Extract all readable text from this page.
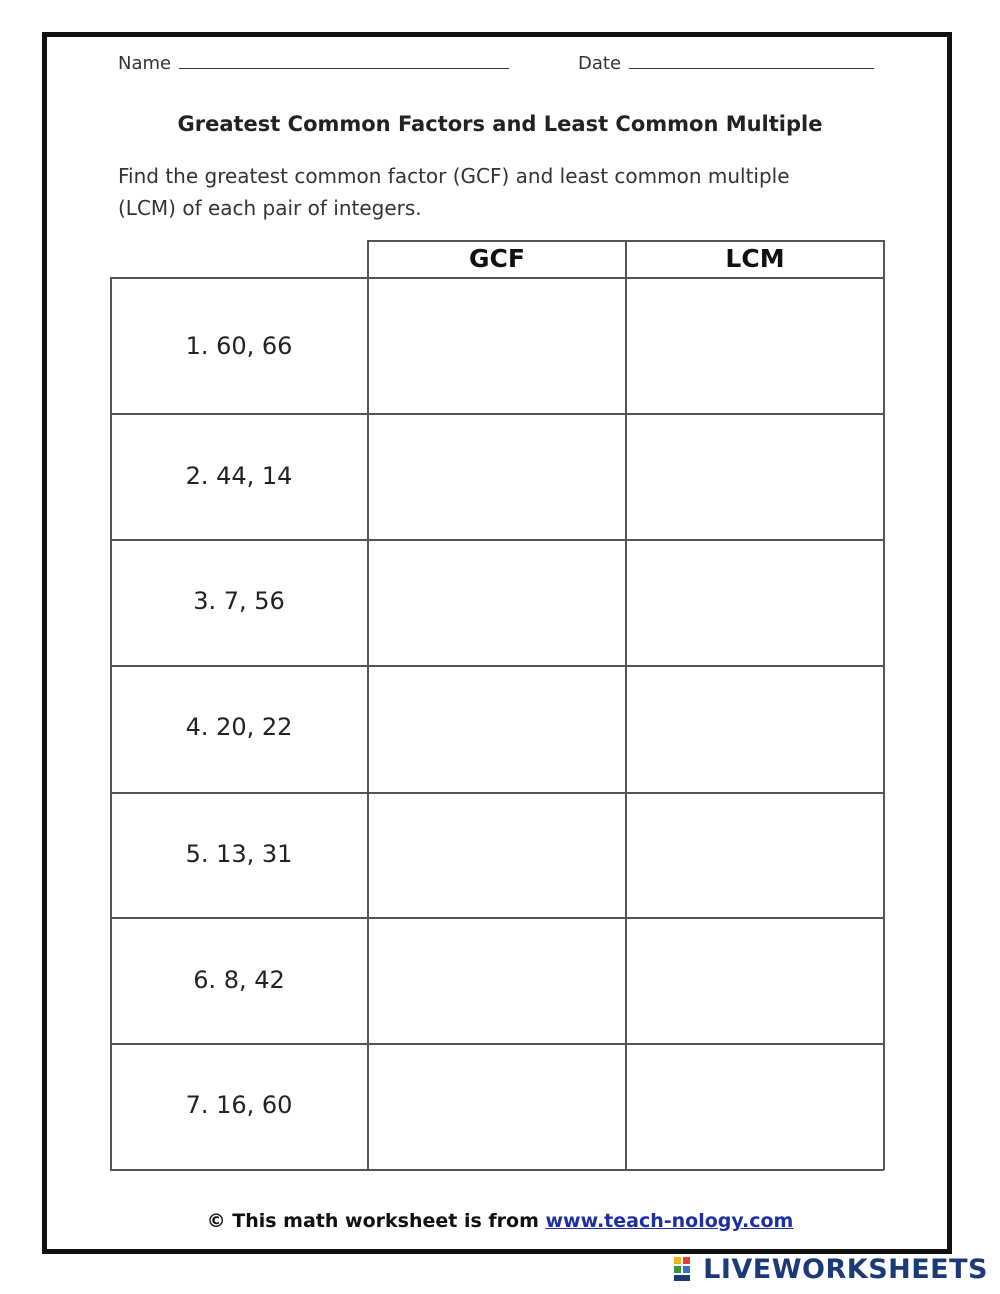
Name	Date
Greatest Common Factors and Least Common Multiple
Find the greatest common factor (GCF) and least common multiple (LCM) of each pair of integers.
GCF	LCM
1. 60, 66
2. 44, 14
3. 7, 56
4. 20, 22
5. 13, 31
6. 8, 42
7. 16, 60
© This math worksheet is from www.teach-nology.com
LIVEWORKSHEETS
